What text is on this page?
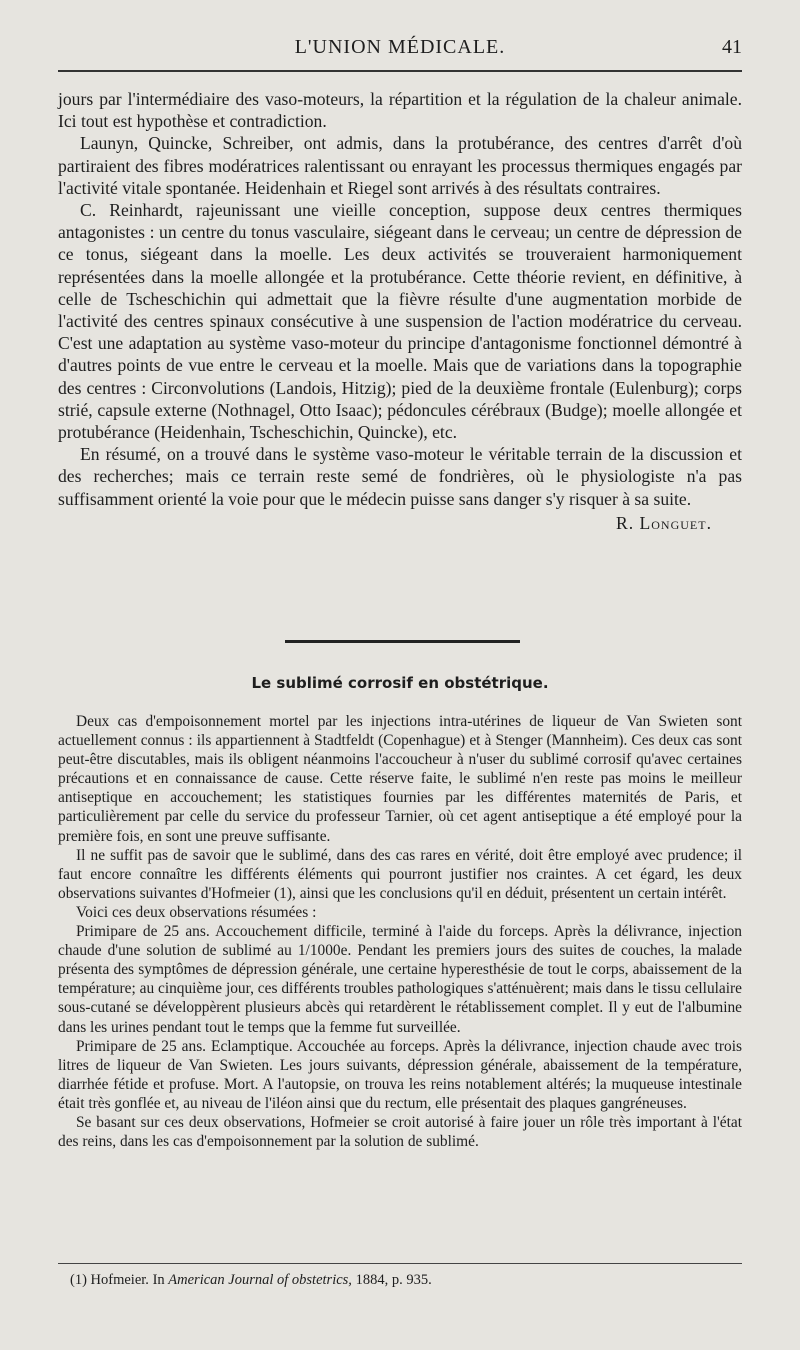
L'UNION MÉDICALE.	41

jours par l'intermédiaire des vaso-moteurs, la répartition et la régulation de la chaleur animale. Ici tout est hypothèse et contradiction.

Launyn, Quincke, Schreiber, ont admis, dans la protubérance, des centres d'arrêt d'où partiraient des fibres modératrices ralentissant ou enrayant les processus thermiques engagés par l'activité vitale spontanée. Heidenhain et Riegel sont arrivés à des résultats contraires.

C. Reinhardt, rajeunissant une vieille conception, suppose deux centres thermiques antagonistes : un centre du tonus vasculaire, siégeant dans le cerveau; un centre de dépression de ce tonus, siégeant dans la moelle. Les deux activités se trouveraient harmoniquement représentées dans la moelle allongée et la protubérance. Cette théorie revient, en définitive, à celle de Tscheschichin qui admettait que la fièvre résulte d'une augmentation morbide de l'activité des centres spinaux consécutive à une suspension de l'action modératrice du cerveau. C'est une adaptation au système vaso-moteur du principe d'antagonisme fonctionnel démontré à d'autres points de vue entre le cerveau et la moelle. Mais que de variations dans la topographie des centres : Circonvolutions (Landois, Hitzig); pied de la deuxième frontale (Eulenburg); corps strié, capsule externe (Nothnagel, Otto Isaac); pédoncules cérébraux (Budge); moelle allongée et protubérance (Heidenhain, Tscheschichin, Quincke), etc.

En résumé, on a trouvé dans le système vaso-moteur le véritable terrain de la discussion et des recherches; mais ce terrain reste semé de fondrières, où le physiologiste n'a pas suffisamment orienté la voie pour que le médecin puisse sans danger s'y risquer à sa suite.

R. Longuet.
Le sublimé corrosif en obstétrique.

Deux cas d'empoisonnement mortel par les injections intra-utérines de liqueur de Van Swieten sont actuellement connus : ils appartiennent à Stadtfeldt (Copenhague) et à Stenger (Mannheim). Ces deux cas sont peut-être discutables, mais ils obligent néanmoins l'accoucheur à n'user du sublimé corrosif qu'avec certaines précautions et en connaissance de cause. Cette réserve faite, le sublimé n'en reste pas moins le meilleur antiseptique en accouchement; les statistiques fournies par les différentes maternités de Paris, et particulièrement par celle du service du professeur Tarnier, où cet agent antiseptique a été employé pour la première fois, en sont une preuve suffisante.

Il ne suffit pas de savoir que le sublimé, dans des cas rares en vérité, doit être employé avec prudence; il faut encore connaître les différents éléments qui pourront justifier nos craintes. A cet égard, les deux observations suivantes d'Hofmeier (1), ainsi que les conclusions qu'il en déduit, présentent un certain intérêt.

Voici ces deux observations résumées :

Primipare de 25 ans. Accouchement difficile, terminé à l'aide du forceps. Après la délivrance, injection chaude d'une solution de sublimé au 1/1000e. Pendant les premiers jours des suites de couches, la malade présenta des symptômes de dépression générale, une certaine hyperesthésie de tout le corps, abaissement de la température; au cinquième jour, ces différents troubles pathologiques s'atténuèrent; mais dans le tissu cellulaire sous-cutané se développèrent plusieurs abcès qui retardèrent le rétablissement complet. Il y eut de l'albumine dans les urines pendant tout le temps que la femme fut surveillée.

Primipare de 25 ans. Eclamptique. Accouchée au forceps. Après la délivrance, injection chaude avec trois litres de liqueur de Van Swieten. Les jours suivants, dépression générale, abaissement de la température, diarrhée fétide et profuse. Mort. A l'autopsie, on trouva les reins notablement altérés; la muqueuse intestinale était très gonflée et, au niveau de l'iléon ainsi que du rectum, elle présentait des plaques gangréneuses.

Se basant sur ces deux observations, Hofmeier se croit autorisé à faire jouer un rôle très important à l'état des reins, dans les cas d'empoisonnement par la solution de sublimé.

(1) Hofmeier. In American Journal of obstetrics, 1884, p. 935.
